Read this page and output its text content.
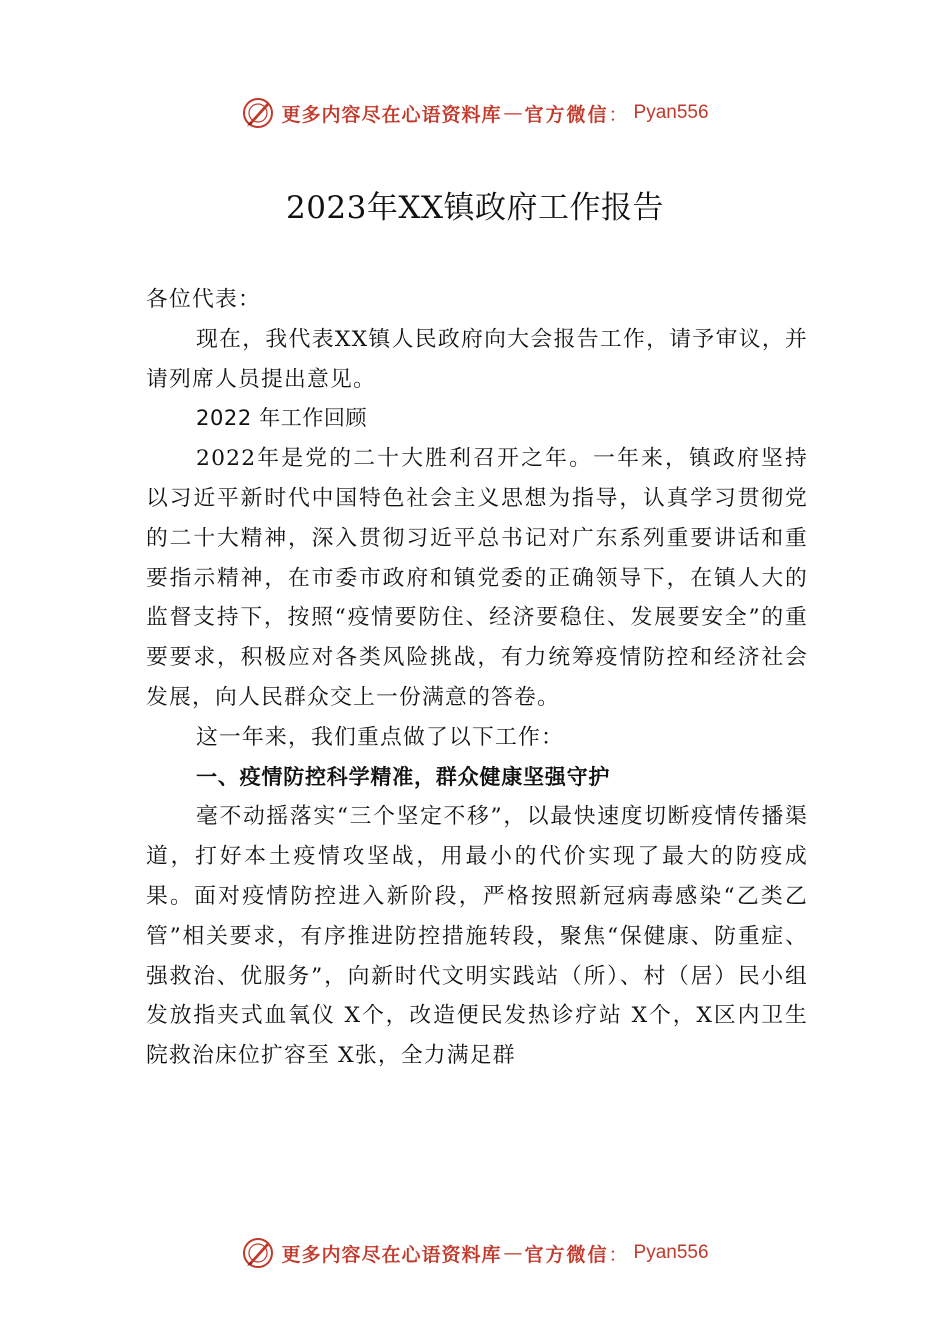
更多内容尽在心语资料库 — 官方微信 ： Pyan556
2023年XX镇政府工作报告

各位代表：

现在，我代表XX镇人民政府向大会报告工作，请予审议，并请列席人员提出意见。

2022 年工作回顾

2022年是党的二十大胜利召开之年。一年来，镇政府坚持以习近平新时代中国特色社会主义思想为指导，认真学习贯彻党的二十大精神，深入贯彻习近平总书记对广东系列重要讲话和重要指示精神，在市委市政府和镇党委的正确领导下，在镇人大的监督支持下，按照“疫情要防住、经济要稳住、发展要安全”的重要要求，积极应对各类风险挑战，有力统筹疫情防控和经济社会发展，向人民群众交上一份满意的答卷。

这一年来，我们重点做了以下工作：

一、疫情防控科学精准，群众健康坚强守护

毫不动摇落实“三个坚定不移”，以最快速度切断疫情传播渠道，打好本土疫情攻坚战，用最小的代价实现了最大的防疫成果。面对疫情防控进入新阶段，严格按照新冠病毒感染“乙类乙管”相关要求，有序推进防控措施转段，聚焦“保健康、防重症、强救治、优服务”，向新时代文明实践站（所）、村（居）民小组发放指夹式血氧仪 X个，改造便民发热诊疗站 X个，X区内卫生院救治床位扩容至 X张，全力满足群

更多内容尽在心语资料库 — 官方微信 ： Pyan556
